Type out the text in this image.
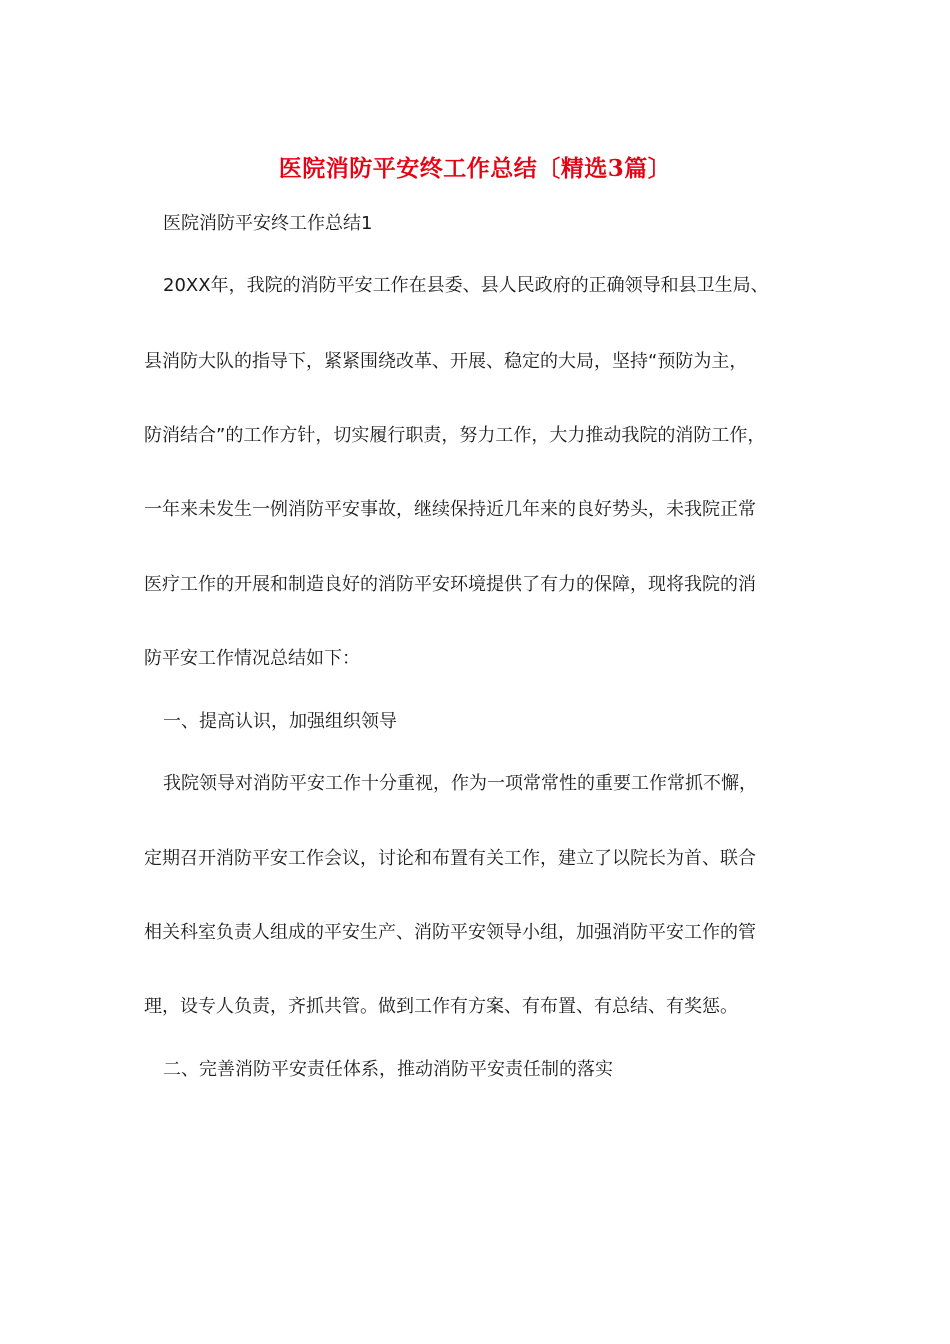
医院消防平安终工作总结〔精选3篇〕
医院消防平安终工作总结1
20XX年，我院的消防平安工作在县委、县人民政府的正确领导和县卫生局、
县消防大队的指导下，紧紧围绕改革、开展、稳定的大局，坚持“预防为主，
防消结合”的工作方针，切实履行职责，努力工作，大力推动我院的消防工作，
一年来未发生一例消防平安事故，继续保持近几年来的良好势头，未我院正常
医疗工作的开展和制造良好的消防平安环境提供了有力的保障，现将我院的消
防平安工作情况总结如下：
一、提高认识，加强组织领导
我院领导对消防平安工作十分重视，作为一项常常性的重要工作常抓不懈，
定期召开消防平安工作会议，讨论和布置有关工作，建立了以院长为首、联合
相关科室负责人组成的平安生产、消防平安领导小组，加强消防平安工作的管
理，设专人负责，齐抓共管。做到工作有方案、有布置、有总结、有奖惩。
二、完善消防平安责任体系，推动消防平安责任制的落实
